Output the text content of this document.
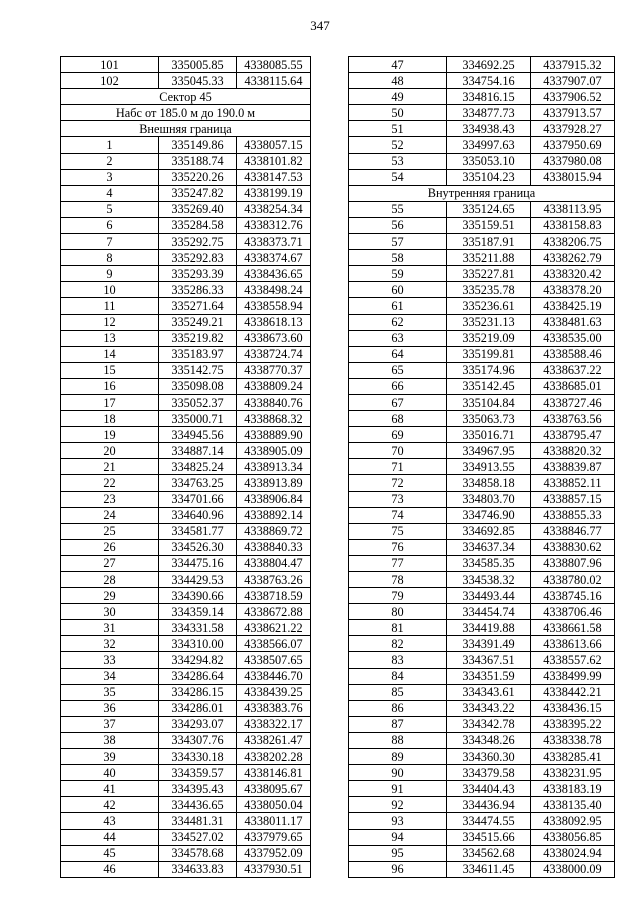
347
101	335005.85	4338085.55
102	335045.33	4338115.64
Сектор 45		
Набс от 185.0 м до 190.0 м		
Внешняя граница		
1	335149.86	4338057.15
2	335188.74	4338101.82
3	335220.26	4338147.53
4	335247.82	4338199.19
5	335269.40	4338254.34
6	335284.58	4338312.76
7	335292.75	4338373.71
8	335292.83	4338374.67
9	335293.39	4338436.65
10	335286.33	4338498.24
11	335271.64	4338558.94
12	335249.21	4338618.13
13	335219.82	4338673.60
14	335183.97	4338724.74
15	335142.75	4338770.37
16	335098.08	4338809.24
17	335052.37	4338840.76
18	335000.71	4338868.32
19	334945.56	4338889.90
20	334887.14	4338905.09
21	334825.24	4338913.34
22	334763.25	4338913.89
23	334701.66	4338906.84
24	334640.96	4338892.14
25	334581.77	4338869.72
26	334526.30	4338840.33
27	334475.16	4338804.47
28	334429.53	4338763.26
29	334390.66	4338718.59
30	334359.14	4338672.88
31	334331.58	4338621.22
32	334310.00	4338566.07
33	334294.82	4338507.65
34	334286.64	4338446.70
35	334286.15	4338439.25
36	334286.01	4338383.76
37	334293.07	4338322.17
38	334307.76	4338261.47
39	334330.18	4338202.28
40	334359.57	4338146.81
41	334395.43	4338095.67
42	334436.65	4338050.04
43	334481.31	4338011.17
44	334527.02	4337979.65
45	334578.68	4337952.09
46	334633.83	4337930.51
47	334692.25	4337915.32
48	334754.16	4337907.07
49	334816.15	4337906.52
50	334877.73	4337913.57
51	334938.43	4337928.27
52	334997.63	4337950.69
53	335053.10	4337980.08
54	335104.23	4338015.94
Внутренняя граница		
55	335124.65	4338113.95
56	335159.51	4338158.83
57	335187.91	4338206.75
58	335211.88	4338262.79
59	335227.81	4338320.42
60	335235.78	4338378.20
61	335236.61	4338425.19
62	335231.13	4338481.63
63	335219.09	4338535.00
64	335199.81	4338588.46
65	335174.96	4338637.22
66	335142.45	4338685.01
67	335104.84	4338727.46
68	335063.73	4338763.56
69	335016.71	4338795.47
70	334967.95	4338820.32
71	334913.55	4338839.87
72	334858.18	4338852.11
73	334803.70	4338857.15
74	334746.90	4338855.33
75	334692.85	4338846.77
76	334637.34	4338830.62
77	334585.35	4338807.96
78	334538.32	4338780.02
79	334493.44	4338745.16
80	334454.74	4338706.46
81	334419.88	4338661.58
82	334391.49	4338613.66
83	334367.51	4338557.62
84	334351.59	4338499.99
85	334343.61	4338442.21
86	334343.22	4338436.15
87	334342.78	4338395.22
88	334348.26	4338338.78
89	334360.30	4338285.41
90	334379.58	4338231.95
91	334404.43	4338183.19
92	334436.94	4338135.40
93	334474.55	4338092.95
94	334515.66	4338056.85
95	334562.68	4338024.94
96	334611.45	4338000.09
